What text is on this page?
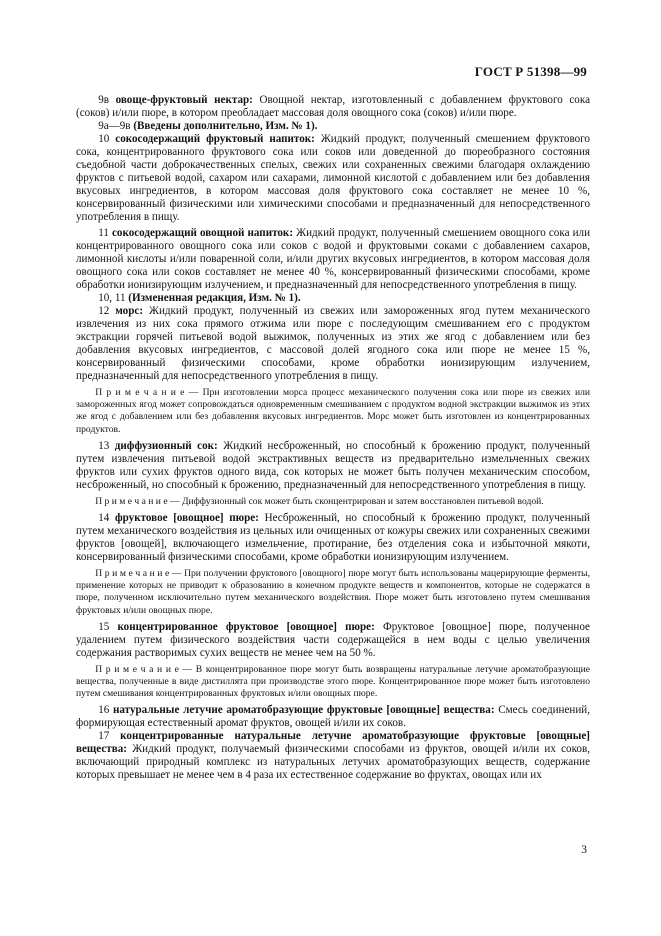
ГОСТ Р 51398—99

  9в овоще-фруктовый нектар: Овощной нектар, изготовленный с добавлением фруктового сока (соков) и/или пюре, в котором преобладает массовая доля овощного сока (соков) и/или пюре.

  9а—9в (Введены дополнительно, Изм. № 1).

  10 сокосодержащий фруктовый напиток: Жидкий продукт, полученный смешением фруктового сока, концентрированного фруктового сока или соков или доведенной до пюреобразного состояния съедобной части доброкачественных спелых, свежих или сохраненных свежими благодаря охлаждению фруктов с питьевой водой, сахаром или сахарами, лимонной кислотой с добавлением или без добавления вкусовых ингредиентов, в котором массовая доля фруктового сока составляет не менее 10 %, консервированный физическими или химическими способами и предназначенный для непосредственного употребления в пищу.

  11 сокосодержащий овощной напиток: Жидкий продукт, полученный смешением овощного сока или концентрированного овощного сока или соков с водой и фруктовыми соками с добавлением сахаров, лимонной кислоты и/или поваренной соли, и/или других вкусовых ингредиентов, в котором массовая доля овощного сока или соков составляет не менее 40 %, консервированный физическими способами, кроме обработки ионизирующим излучением, и предназначенный для непосредственного употребления в пищу.

  10, 11 (Измененная редакция, Изм. № 1).

  12 морс: Жидкий продукт, полученный из свежих или замороженных ягод путем механического извлечения из них сока прямого отжима или пюре с последующим смешиванием его с продуктом экстракции горячей питьевой водой выжимок, полученных из этих же ягод с добавлением или без добавления вкусовых ингредиентов, с массовой долей ягодного сока или пюре не менее 15 %, консервированный физическими способами, кроме обработки ионизирующим излучением, предназначенный для непосредственного употребления в пищу.

  П р и м е ч а н и е — При изготовлении морса процесс механического получения сока или пюре из свежих или замороженных ягод может сопровождаться одновременным смешиванием с продуктом водной экстракции выжимок из этих же ягод с добавлением или без добавления вкусовых ингредиентов. Морс может быть изготовлен из концентрированных продуктов.

  13 диффузионный сок: Жидкий несброженный, но способный к брожению продукт, полученный путем извлечения питьевой водой экстрактивных веществ из предварительно измельченных свежих фруктов или сухих фруктов одного вида, сок которых не может быть получен механическим способом, несброженный, но способный к брожению, предназначенный для непосредственного употребления в пищу.

  П р и м е ч а н и е — Диффузионный сок может быть сконцентрирован и затем восстановлен питьевой водой.

  14 фруктовое [овощное] пюре: Несброженный, но способный к брожению продукт, полученный путем механического воздействия из цельных или очищенных от кожуры свежих или сохраненных свежими фруктов [овощей], включающего измельчение, протирание, без отделения сока и избыточной мякоти, консервированный физическими способами, кроме обработки ионизирующим излучением.

  П р и м е ч а н и е — При получении фруктового [овощного] пюре могут быть использованы мацерирующие ферменты, применение которых не приводит к образованию в конечном продукте веществ и компонентов, которые не содержатся в пюре, полученном исключительно путем механического воздействия. Пюре может быть изготовлено путем смешивания фруктовых и/или овощных пюре.

  15 концентрированное фруктовое [овощное] пюре: Фруктовое [овощное] пюре, полученное удалением путем физического воздействия части содержащейся в нем воды с целью увеличения содержания растворимых сухих веществ не менее чем на 50 %.

  П р и м е ч а н и е — В концентрированное пюре могут быть возвращены натуральные летучие ароматобразующие вещества, полученные в виде дистиллята при производстве этого пюре. Концентрированное пюре может быть изготовлено путем смешивания концентрированных фруктовых и/или овощных пюре.

  16 натуральные летучие ароматобразующие фруктовые [овощные] вещества: Смесь соединений, формирующая естественный аромат фруктов, овощей и/или их соков.

  17 концентрированные натуральные летучие ароматобразующие фруктовые [овощные] вещества: Жидкий продукт, получаемый физическими способами из фруктов, овощей и/или их соков, включающий природный комплекс из натуральных летучих ароматобразующих веществ, содержание которых превышает не менее чем в 4 раза их естественное содержание во фруктах, овощах или их

3
